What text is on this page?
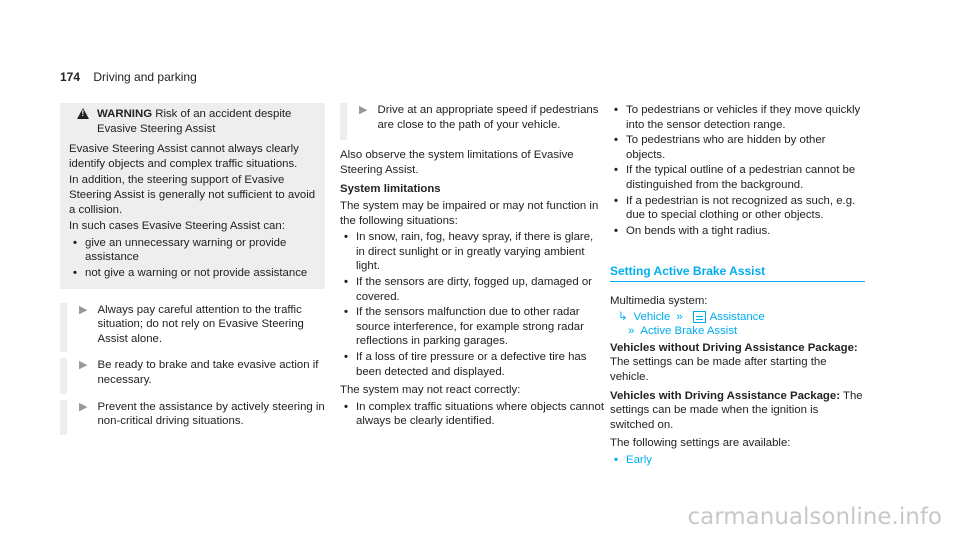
174 Driving and parking
! WARNING Risk of an accident despite Evasive Steering Assist

Evasive Steering Assist cannot always clearly identify objects and complex traffic situations.

In addition, the steering support of Evasive Steering Assist is generally not sufficient to avoid a collision.

In such cases Evasive Steering Assist can:

• give an unnecessary warning or provide assistance
• not give a warning or not provide assistance
▶ Always pay careful attention to the traffic situation; do not rely on Evasive Steering Assist alone.
▶ Be ready to brake and take evasive action if necessary.
▶ Prevent the assistance by actively steering in non-critical driving situations.
▶ Drive at an appropriate speed if pedestrians are close to the path of your vehicle.

Also observe the system limitations of Evasive Steering Assist.

System limitations

The system may be impaired or may not function in the following situations:

• In snow, rain, fog, heavy spray, if there is glare, in direct sunlight or in greatly varying ambient light.
• If the sensors are dirty, fogged up, damaged or covered.
• If the sensors malfunction due to other radar source interference, for example strong radar reflections in parking garages.
• If a loss of tire pressure or a defective tire has been detected and displayed.

The system may not react correctly:

• In complex traffic situations where objects cannot always be clearly identified.
• To pedestrians or vehicles if they move quickly into the sensor detection range.
• To pedestrians who are hidden by other objects.
• If the typical outline of a pedestrian cannot be distinguished from the background.
• If a pedestrian is not recognized as such, e.g. due to special clothing or other objects.
• On bends with a tight radius.
Setting Active Brake Assist

Multimedia system:

↳ Vehicle » Assistance
» Active Brake Assist

Vehicles without Driving Assistance Package: The settings can be made after starting the vehicle.

Vehicles with Driving Assistance Package: The settings can be made when the ignition is switched on.

The following settings are available:

• Early
carmanualsonline.info
